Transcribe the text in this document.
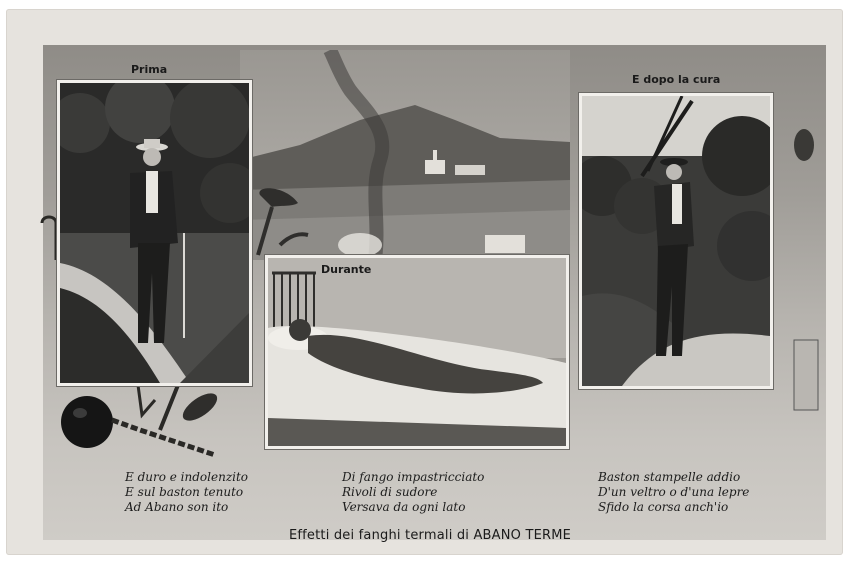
Prima
Durante
E dopo la cura
E duro e indolenzito
E sul baston tenuto
Ad Abano son ito
Di fango impastricciato
Rivoli di sudore
Versava da ogni lato
Baston stampelle addio
D'un veltro o d'una lepre
Sfido la corsa anch'io
Effetti dei fanghi termali di ABANO TERME
